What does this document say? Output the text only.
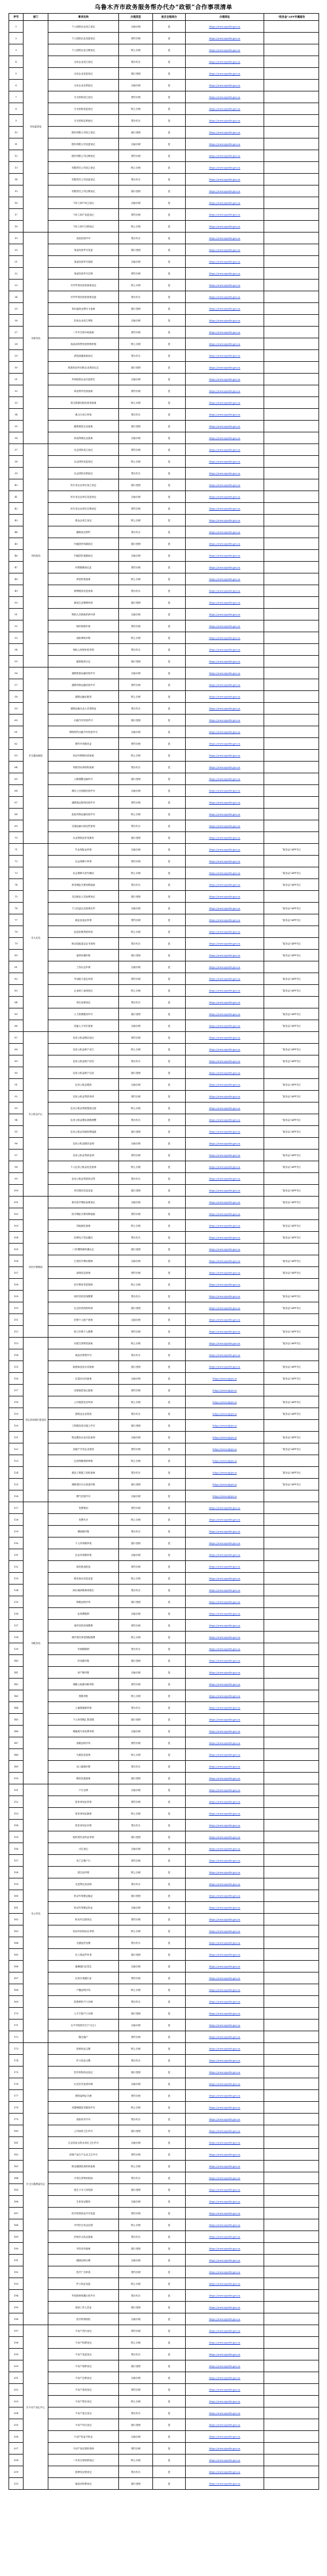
乌鲁木齐市政务服务帮办代办“政银”合作事项清单
序号	部门	事项名称	办理类型	是否全程网办	办理网址	“政务金”APP专属服务
1	市场监管局	个人独资企业设立登记	自助办理	是	https://www.xjzwfw.gov.cn	
2		个人独资企业变更登记	预约办理	是	https://www.xjzwfw.gov.cn	
3		个人独资企业注销登记	网上办理	是	https://www.xjzwfw.gov.cn	
4		合伙企业设立登记	帮办代办	是	https://www.xjzwfw.gov.cn	
5		合伙企业变更登记	窗口受理	是	https://www.xjzwfw.gov.cn	
6		合伙企业注销登记	自助办理	是	https://www.xjzwfw.gov.cn	
7		分支机构设立登记	预约办理	是	https://www.xjzwfw.gov.cn	
8		分支机构变更登记	网上办理	是	https://www.xjzwfw.gov.cn	
9		分支机构注销登记	帮办代办	是	https://www.xjzwfw.gov.cn	
10		股份有限公司设立登记	窗口受理	是	https://www.xjzwfw.gov.cn	
11		股份有限公司变更登记	自助办理	是	https://www.xjzwfw.gov.cn	
12		股份有限公司注销登记	预约办理	是	https://www.xjzwfw.gov.cn	
13		有限责任公司设立登记	网上办理	是	https://www.xjzwfw.gov.cn	
14		有限责任公司变更登记	帮办代办	是	https://www.xjzwfw.gov.cn	
15		有限责任公司注销登记	窗口受理	是	https://www.xjzwfw.gov.cn	
16		个体工商户设立登记	自助办理	是	https://www.xjzwfw.gov.cn	
17		个体工商户变更登记	预约办理	是	https://www.xjzwfw.gov.cn	
18		个体工商户注销登记	网上办理	是	https://www.xjzwfw.gov.cn	
19	市商务局	食品经营许可	帮办代办	是	https://www.xjzwfw.gov.cn	
20		食品经营许可变更	窗口受理	是	https://www.xjzwfw.gov.cn	
21		食品经营许可延续	自助办理	是	https://www.xjzwfw.gov.cn	
22		食品经营许可注销	预约办理	是	https://www.xjzwfw.gov.cn	
23		对外贸易经营者备案登记	网上办理	是	https://www.xjzwfw.gov.cn	
24		对外贸易经营者备案变更	帮办代办	是	https://www.xjzwfw.gov.cn	
25		单用途商业预付卡备案	窗口受理	是	https://www.xjzwfw.gov.cn	
26		拍卖企业设立审批	自助办理	是	https://www.xjzwfw.gov.cn	
27		二手车交易市场备案	预约办理	是	https://www.xjzwfw.gov.cn	
28		成品油零售经营资格审批	网上办理	是	https://www.xjzwfw.gov.cn	
29		酒类流通备案登记	帮办代办	是	https://www.xjzwfw.gov.cn	
30		报废机动车回收企业资质认定	窗口受理	是	https://www.xjzwfw.gov.cn	
31		外商投资企业信息报告	自助办理	是	https://www.xjzwfw.gov.cn	
32		商业特许经营备案	预约办理	是	https://www.xjzwfw.gov.cn	
33		再生资源回收经营者备案	网上办理	是	https://www.xjzwfw.gov.cn	
34		典当行设立审批	帮办代办	是	https://www.xjzwfw.gov.cn	
35		融资租赁企业备案	窗口受理	是	https://www.xjzwfw.gov.cn	
36		商业保理企业备案	自助办理	是	https://www.xjzwfw.gov.cn	
37	市民政局	社会团体成立登记	预约办理	是	https://www.xjzwfw.gov.cn	
38		社会团体变更登记	网上办理	是	https://www.xjzwfw.gov.cn	
39		社会团体注销登记	帮办代办	是	https://www.xjzwfw.gov.cn	
40		民办非企业单位成立登记	窗口受理	是	https://www.xjzwfw.gov.cn	
41		民办非企业单位变更登记	自助办理	是	https://www.xjzwfw.gov.cn	
42		民办非企业单位注销登记	预约办理	是	https://www.xjzwfw.gov.cn	
43		基金会成立登记	网上办理	是	https://www.xjzwfw.gov.cn	
44		婚姻登记预约	帮办代办	是	https://www.xjzwfw.gov.cn	
45		内地居民结婚登记	窗口受理	是	https://www.xjzwfw.gov.cn	
46		内地居民离婚登记	自助办理	是	https://www.xjzwfw.gov.cn	
47		补领婚姻登记证	预约办理	是	https://www.xjzwfw.gov.cn	
48		养老机构备案	网上办理	是	https://www.xjzwfw.gov.cn	
49		殡葬服务信息查询	帮办代办	是	https://www.xjzwfw.gov.cn	
50		最低生活保障申请	窗口受理	是	https://www.xjzwfw.gov.cn	
51		特困人员救助供养申请	自助办理	是	https://www.xjzwfw.gov.cn	
52		临时救助申请	预约办理	是	https://www.xjzwfw.gov.cn	
53		高龄津贴申领	网上办理	是	https://www.xjzwfw.gov.cn	
54		残疾人两项补贴申领	帮办代办	是	https://www.xjzwfw.gov.cn	
55		慈善组织认定	窗口受理	是	https://www.xjzwfw.gov.cn	
56	市交通运输局	道路旅客运输经营许可	自助办理	是	https://www.xjzwfw.gov.cn	
57		道路货物运输经营许可	预约办理	是	https://www.xjzwfw.gov.cn	
58		道路运输证配发	网上办理	是	https://www.xjzwfw.gov.cn	
59		道路运输从业人员资格证	帮办代办	是	https://www.xjzwfw.gov.cn	
60		出租汽车经营许可	窗口受理	是	https://www.xjzwfw.gov.cn	
61		网络预约出租汽车经营许可	自助办理	是	https://www.xjzwfw.gov.cn	
62		网约车驾驶员证	预约办理	是	https://www.xjzwfw.gov.cn	
63		机动车维修经营备案	网上办理	是	https://www.xjzwfw.gov.cn	
64		驾驶员培训机构备案	帮办代办	是	https://www.xjzwfw.gov.cn	
65		公路超限运输许可	窗口受理	是	https://www.xjzwfw.gov.cn	
66		城市公交线路经营许可	自助办理	是	https://www.xjzwfw.gov.cn	
67		道路客运班线经营许可	预约办理	是	https://www.xjzwfw.gov.cn	
68		危险货物运输经营许可	网上办理	是	https://www.xjzwfw.gov.cn	
69		交通运输行政处罚查询	帮办代办	是	https://www.xjzwfw.gov.cn	
70		从业资格证补发换发	窗口受理	是	https://www.xjzwfw.gov.cn	
71	市人社局	失业保险金申领	自助办理	是	https://www.xjzwfw.gov.cn	“政务金”APP专区
72		社会保障卡申领	预约办理	是	https://www.xjzwfw.gov.cn	
73		社会保障卡挂失解挂	网上办理	是	https://www.xjzwfw.gov.cn	“政务金”APP专区
74		养老保险关系转移接续	帮办代办	是	https://www.xjzwfw.gov.cn	“政务金”APP专区
75		灵活就业人员参保登记	窗口受理	是	https://www.xjzwfw.gov.cn	
76		个人权益记录查询打印	自助办理	是	https://www.xjzwfw.gov.cn	“政务金”APP专区
77		就业创业证申领	预约办理	是	https://www.xjzwfw.gov.cn	“政务金”APP专区
78		创业担保贷款申请	网上办理	是	https://www.xjzwfw.gov.cn	
79		职业技能鉴定证书查询	帮办代办	是	https://www.xjzwfw.gov.cn	“政务金”APP专区
80		退休待遇申领	窗口受理	是	https://www.xjzwfw.gov.cn	“政务金”APP专区
81		工伤认定申请	自助办理	是	https://www.xjzwfw.gov.cn	
82		劳动能力鉴定申请	预约办理	是	https://www.xjzwfw.gov.cn	“政务金”APP专区
83		企业职工参保登记	网上办理	是	https://www.xjzwfw.gov.cn	“政务金”APP专区
84		单位参保登记	帮办代办	是	https://www.xjzwfw.gov.cn	
85		人力资源服务许可	窗口受理	是	https://www.xjzwfw.gov.cn	“政务金”APP专区
86		技能人才评价备案	自助办理	是	https://www.xjzwfw.gov.cn	“政务金”APP专区
87	市公积金中心	住房公积金缴存登记	预约办理	是	https://www.xjzwfw.gov.cn	
88		住房公积金账户设立	网上办理	是	https://www.xjzwfw.gov.cn	“政务金”APP专区
89		住房公积金账户封存	帮办代办	是	https://www.xjzwfw.gov.cn	“政务金”APP专区
90		住房公积金账户启封	窗口受理	是	https://www.xjzwfw.gov.cn	
91		住房公积金提取	自助办理	是	https://www.xjzwfw.gov.cn	“政务金”APP专区
92		住房公积金贷款申请	预约办理	是	https://www.xjzwfw.gov.cn	“政务金”APP专区
93		住房公积金贷款提前还款	网上办理	是	https://www.xjzwfw.gov.cn	
94		住房公积金缴存基数调整	帮办代办	是	https://www.xjzwfw.gov.cn	“政务金”APP专区
95		住房公积金异地转移接续	窗口受理	是	https://www.xjzwfw.gov.cn	“政务金”APP专区
96		住房公积金缴存证明	自助办理	是	https://www.xjzwfw.gov.cn	
97		住房公积金贷款证明	预约办理	是	https://www.xjzwfw.gov.cn	“政务金”APP专区
98		个人住房公积金信息查询	网上办理	是	https://www.xjzwfw.gov.cn	“政务金”APP专区
99		住房公积金贷款冲还贷	帮办代办	是	https://www.xjzwfw.gov.cn	
100		单位缴存信息变更	窗口受理	是	https://www.xjzwfw.gov.cn	“政务金”APP专区
101	市医疗保障局	基本医疗保险参保登记	自助办理	是	https://www.xjzwfw.gov.cn	“政务金”APP专区
102		医疗保险关系转移接续	预约办理	是	https://www.xjzwfw.gov.cn	
103		异地就医备案	网上办理	是	https://www.xjzwfw.gov.cn	“政务金”APP专区
104		医保电子凭证激活	帮办代办	是	https://www.xjzwfw.gov.cn	“政务金”APP专区
105		门诊慢特病待遇认定	窗口受理	是	https://www.xjzwfw.gov.cn	
106		生育医疗费用报销	自助办理	是	https://www.xjzwfw.gov.cn	“政务金”APP专区
107		参保信息查询	预约办理	是	https://www.xjzwfw.gov.cn	“政务金”APP专区
108		医疗费用零星报销	网上办理	是	https://www.xjzwfw.gov.cn	
109		城乡居民医保缴费	帮办代办	是	https://www.xjzwfw.gov.cn	“政务金”APP专区
110		定点医药机构申请	窗口受理	是	https://www.xjzwfw.gov.cn	“政务金”APP专区
111		医保个人账户查询	自助办理	是	https://www.xjzwfw.gov.cn	
112		职工医保个人缴费	预约办理	是	https://www.xjzwfw.gov.cn	“政务金”APP专区
113	市住房和城乡建设局	房屋交易网签备案	网上办理	是	https://www.xjzwfw.gov.cn	“政务金”APP专区
114		商品房预售许可	帮办代办	是	https://www.xjzwfw.gov.cn	
115		新建商品房合同备案	窗口受理	是	https://www.xjzwfw.gov.cn	“政务金”APP专区
116		存量房合同备案	自助办理	是	https://www.xjtjw.cn	“政务金”APP专区
117		房屋租赁登记备案	预约办理	是	https://www.xjtjw.cn	
118		公共租赁住房申请	网上办理	是	https://www.xjtjw.cn	“政务金”APP专区
119		建筑业企业资质	帮办代办	是	https://www.xjtjw.cn	“政务金”APP专区
120		工程建设项目施工许可	窗口受理	是	https://www.xjtjw.cn	
121		物业服务企业信息查询	自助办理	是	https://www.xjtjw.cn	“政务金”APP专区
122		房地产开发企业资质	预约办理	是	https://www.xjtjw.cn	“政务金”APP专区
123		住房保障资格审核	网上办理	是	https://www.xjtjw.cn	
124		建设工程竣工验收备案	帮办代办	是	https://www.xjtjw.cn	“政务金”APP专区
125		城镇老旧小区改造申报	窗口受理	是	https://www.xjtjw.cn	“政务金”APP专区
126		燃气经营许可	自助办理	是	https://www.xjtjw.cn	
127	市税务局	发票领用	预约办理	是	https://www.xjzwfw.gov.cn	
128		发票代开	网上办理	是	https://www.xjzwfw.gov.cn	
129		增值税申报	帮办代办	是	https://www.xjzwfw.gov.cn	
130		个人所得税申报	窗口受理	是	https://www.xjzwfw.gov.cn	
131		企业所得税申报	自助办理	是	https://www.xjzwfw.gov.cn	
132		财务报表报送	预约办理	是	https://www.xjzwfw.gov.cn	
133		税务登记信息变更	网上办理	是	https://www.xjzwfw.gov.cn	
134		跨区域涉税事项报告	帮办代办	是	https://www.xjzwfw.gov.cn	
135		纳税证明开具	窗口受理	是	https://www.xjzwfw.gov.cn	
136		社保费缴纳	自助办理	是	https://www.xjzwfw.gov.cn	
137		城乡居民医保缴费	预约办理	是	https://www.xjzwfw.gov.cn	
138		城乡居民养老保险缴费	网上办理	是	https://www.xjzwfw.gov.cn	
139		车船税缴纳	帮办代办	是	https://www.xjzwfw.gov.cn	
140		印花税申报	窗口受理	是	https://www.xjzwfw.gov.cn	
141		房产税申报	自助办理	是	https://www.xjzwfw.gov.cn	
142		城镇土地使用税申报	预约办理	是	https://www.xjzwfw.gov.cn	
143		契税申报	网上办理	是	https://www.xjzwfw.gov.cn	
144		土地增值税申报	帮办代办	是	https://www.xjzwfw.gov.cn	
145		个人所得税汇算清缴	窗口受理	是	https://www.xjzwfw.gov.cn	
146		增值税专用发票申领	自助办理	是	https://www.xjzwfw.gov.cn	
147		清税证明开具	预约办理	是	https://www.xjzwfw.gov.cn	
148		欠税信息查询	网上办理	是	https://www.xjzwfw.gov.cn	
149		出口退税申报	帮办代办	是	https://www.xjzwfw.gov.cn	
150		税收优惠备案	窗口受理	是	https://www.xjzwfw.gov.cn	
151	市公安局	户口迁移	自助办理	是	https://www.xjzwfw.gov.cn	
152		居民身份证申领	预约办理	是	https://www.xjzwfw.gov.cn	
153		居民身份证换领	网上办理	是	https://www.xjzwfw.gov.cn	
154		居民身份证补领	帮办代办	是	https://www.xjzwfw.gov.cn	
155		临时居民身份证申领	窗口受理	是	https://www.xjzwfw.gov.cn	
156		出生登记	自助办理	是	https://www.xjzwfw.gov.cn	
157		死亡注销户口	预约办理	是	https://www.xjzwfw.gov.cn	
158		居住证申领	网上办理	是	https://www.xjzwfw.gov.cn	
159		无犯罪记录证明	帮办代办	是	https://www.xjzwfw.gov.cn	
160		机动车驾驶证换证	窗口受理	是	https://www.xjzwfw.gov.cn	
161		机动车驾驶证补证	自助办理	是	https://www.xjzwfw.gov.cn	
162		机动车注册登记	预约办理	是	https://www.xjzwfw.gov.cn	
163		机动车检验标志申领	网上办理	是	https://www.xjzwfw.gov.cn	
164		交通违法处理	帮办代办	是	https://www.xjzwfw.gov.cn	
165		出入境证件申请	窗口受理	是	https://www.xjzwfw.gov.cn	
166		港澳通行证签注	自助办理	是	https://www.xjzwfw.gov.cn	
167		往来台湾通行证	预约办理	是	https://www.xjzwfw.gov.cn	
168		户籍证明开具	网上办理	是	https://www.xjzwfw.gov.cn	
169		投资移民户口办理	帮办代办	是	https://www.xjzwfw.gov.cn	
170		人才引进户口办理	窗口受理	是	https://www.xjzwfw.gov.cn	
171		大中专院校学生户口迁入	自助办理	是	https://www.xjzwfw.gov.cn	
172		随迁落户	预约办理	是	https://www.xjzwfw.gov.cn	
173	市卫生健康委员会	医师执业注册	网上办理	是	https://www.xjzwfw.gov.cn	
174		护士执业注册	帮办代办	是	https://www.xjzwfw.gov.cn	
175		医疗机构执业登记	窗口受理	是	https://www.xjzwfw.gov.cn	
176		出生医学证明办理	自助办理	是	https://www.xjzwfw.gov.cn	
177		预防接种证办理	预约办理	是	https://www.xjzwfw.gov.cn	
178		母婴保健技术服务许可	网上办理	是	https://www.xjzwfw.gov.cn	
179		放射诊疗许可	帮办代办	是	https://www.xjzwfw.gov.cn	
180		公共场所卫生许可	窗口受理	是	https://www.xjzwfw.gov.cn	
181		生活饮用水供水单位卫生许可	自助办理	是	https://www.xjzwfw.gov.cn	
182		消毒产品生产企业卫生许可	预约办理	是	https://www.xjzwfw.gov.cn	
183		职业健康检查机构备案	网上办理	是	https://www.xjzwfw.gov.cn	
184		计划生育特别扶助	帮办代办	是	https://www.xjzwfw.gov.cn	
185		独生子女父母奖励	窗口受理	是	https://www.xjzwfw.gov.cn	
186		生育登记服务	自助办理	是	https://www.xjzwfw.gov.cn	
187		医疗机构执业许可变更	预约办理	是	https://www.xjzwfw.gov.cn	
188		乡村医生执业注册	网上办理	是	https://www.xjzwfw.gov.cn	
189		医师多点执业备案	帮办代办	是	https://www.xjzwfw.gov.cn	
190		中医诊所备案	窗口受理	是	https://www.xjzwfw.gov.cn	
191		健康证明办理	自助办理	是	https://www.xjzwfw.gov.cn	
192		医疗广告审查	预约办理	是	https://www.xjzwfw.gov.cn	
193		护士执业变更	网上办理	是	https://www.xjzwfw.gov.cn	
194		外国医师短期行医许可	帮办代办	是	https://www.xjzwfw.gov.cn	
195		放射工作人员证	窗口受理	是	https://www.xjzwfw.gov.cn	
196		医疗机构校验	自助办理	是	https://www.xjzwfw.gov.cn	
197	市不动产登记中心	不动产首次登记	预约办理	是	https://www.xjzwfw.gov.cn	
198		不动产转移登记	网上办理	是	https://www.xjzwfw.gov.cn	
199		不动产变更登记	帮办代办	是	https://www.xjzwfw.gov.cn	
200		不动产抵押登记	窗口受理	是	https://www.xjzwfw.gov.cn	
201		不动产注销登记	自助办理	是	https://www.xjzwfw.gov.cn	
202		不动产查封登记	预约办理	是	https://www.xjzwfw.gov.cn	
203		不动产预告登记	网上办理	是	https://www.xjzwfw.gov.cn	
204		不动产更正登记	帮办代办	是	https://www.xjzwfw.gov.cn	
205		不动产异议登记	窗口受理	是	https://www.xjzwfw.gov.cn	
206		不动产权证书补证	自助办理	是	https://www.xjzwfw.gov.cn	
207		不动产登记资料查询	预约办理	是	https://www.xjzwfw.gov.cn	
208		二手房交易转移登记	网上办理	是	https://www.xjzwfw.gov.cn	
209		抵押权注销登记	帮办代办	是	https://www.xjzwfw.gov.cn	
210		商品房转移登记	窗口受理	是	https://www.xjzwfw.gov.cn	
